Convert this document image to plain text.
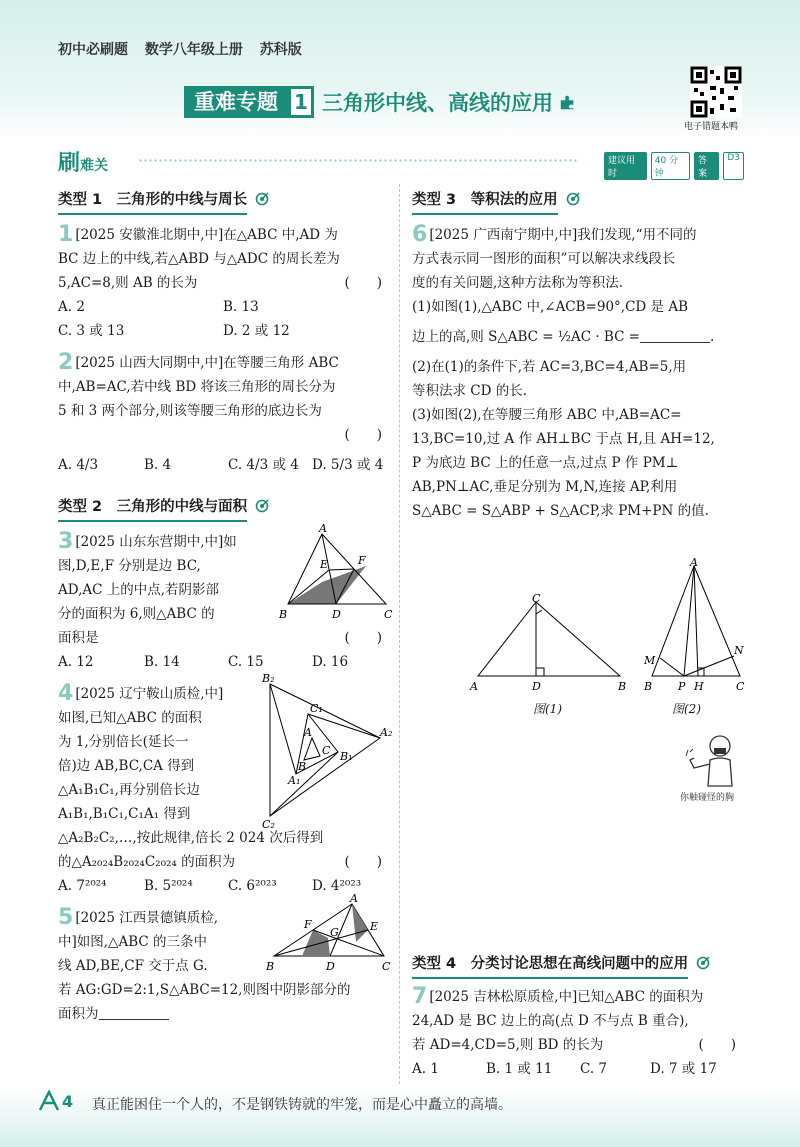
初中必刷题 数学八年级上册 苏科版
重难专题 1 三角形中线、高线的应用
电子错题本鸭
刷难关	建议用时
40 分钟
答案
D3
类型 1　三角形的中线与周长
1 [2025 安徽淮北期中,中]在△ABC 中,AD 为
BC 边上的中线,若△ABD 与△ADC 的周长差为
5,AC=8,则 AB 的长为	(　　)
A. 2	B. 13
C. 3 或 13	D. 2 或 12
2 [2025 山西大同期中,中]在等腰三角形 ABC
中,AB=AC,若中线 BD 将该三角形的周长分为
5 和 3 两个部分,则该等腰三角形的底边长为
(　　)
A. 4/3	B. 4	C. 4/3 或 4 D. 5/3 或 4
类型 2　三角形的中线与面积
3 [2025 山东东营期中,中]如
图,D,E,F 分别是边 BC,
AD,AC 上的中点,若阴影部
分的面积为 6,则△ABC 的
面积是	(　　)
A. 12	B. 14	C. 15	D. 16
A
B	C
D
E	F
4 [2025 辽宁鞍山质检,中]
如图,已知△ABC 的面积
为 1,分别倍长(延长一
倍)边 AB,BC,CA 得到
△A₁B₁C₁,再分别倍长边
A₁B₁,B₁C₁,C₁A₁ 得到
△A₂B₂C₂,…,按此规律,倍长 2 024 次后得到
的△A₂₀₂₄B₂₀₂₄C₂₀₂₄ 的面积为	(　　)
A. 7²⁰²⁴	B. 5²⁰²⁴	C. 6²⁰²³	D. 4²⁰²³
B₂
A₂
C₂
C₁
B₁
A₁
A
C
B
5 [2025 江西景德镇质检,
中]如图,△ABC 的三条中
线 AD,BE,CF 交于点 G.
若 AG:GD=2:1,S△ABC=12,则图中阴影部分的
面积为
A
B	C
D
E
F
G
类型 3　等积法的应用
6 [2025 广西南宁期中,中]我们发现,“用不同的
方式表示同一图形的面积”可以解决求线段长
度的有关问题,这种方法称为等积法.
(1)如图(1),△ABC 中,∠ACB=90°,CD 是 AB
边上的高,则 S△ABC = ½AC · BC =	.
(2)在(1)的条件下,若 AC=3,BC=4,AB=5,用
等积法求 CD 的长.
(3)如图(2),在等腰三角形 ABC 中,AB=AC=
13,BC=10,过 A 作 AH⊥BC 于点 H,且 AH=12,
P 为底边 BC 上的任意一点,过点 P 作 PM⊥
AB,PN⊥AC,垂足分别为 M,N,连接 AP,利用
S△ABC = S△ABP + S△ACP,求 PM+PN 的值.
C
A	B
D
图(1)
A
B	C
M
N
P H
图(2)
你触碰怪的胸
类型 4　分类讨论思想在高线问题中的应用
7 [2025 吉林松原质检,中]已知△ABC 的面积为
24,AD 是 BC 边上的高(点 D 不与点 B 重合),
若 AD=4,CD=5,则 BD 的长为	(　　)
A. 1	B. 1 或 11	C. 7	D. 7 或 17
4 真正能困住一个人的，不是钢铁铸就的牢笼，而是心中矗立的高墙。
